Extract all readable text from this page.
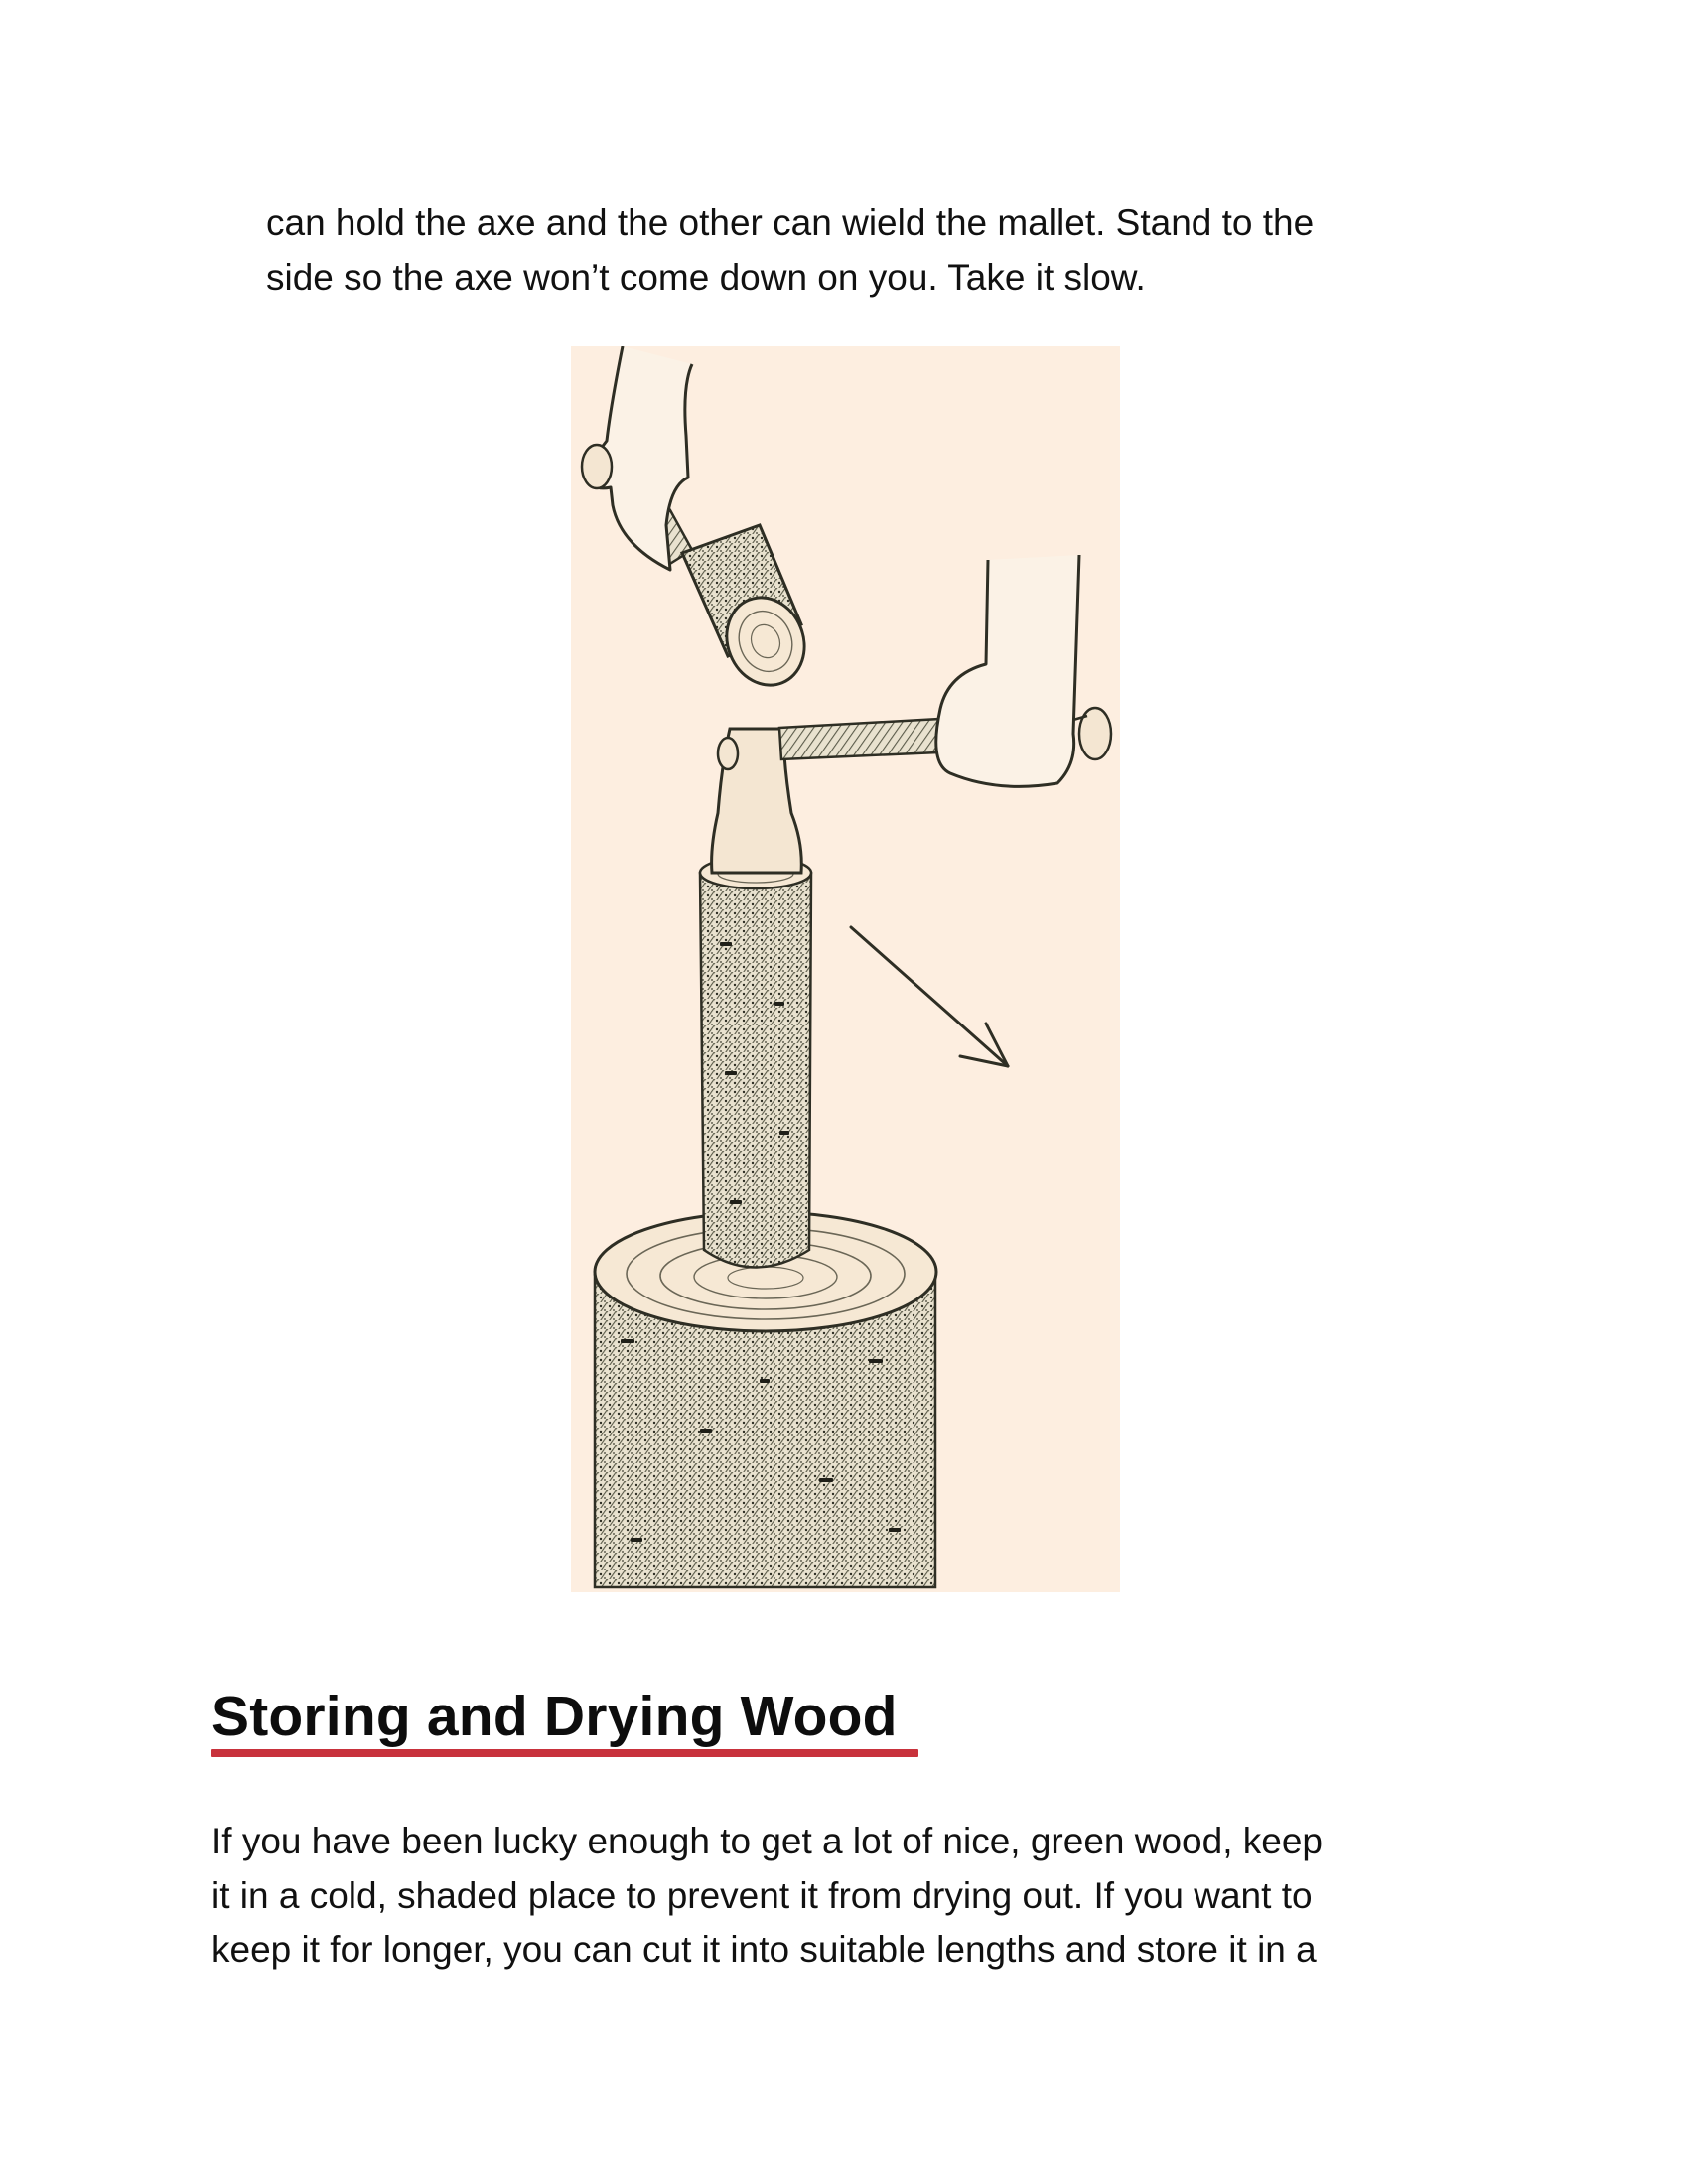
can hold the axe and the other can wield the mallet. Stand to the
side so the axe won’t come down on you. Take it slow.

Storing and Drying Wood

If you have been lucky enough to get a lot of nice, green wood, keep
it in a cold, shaded place to prevent it from drying out. If you want to
keep it for longer, you can cut it into suitable lengths and store it in a
